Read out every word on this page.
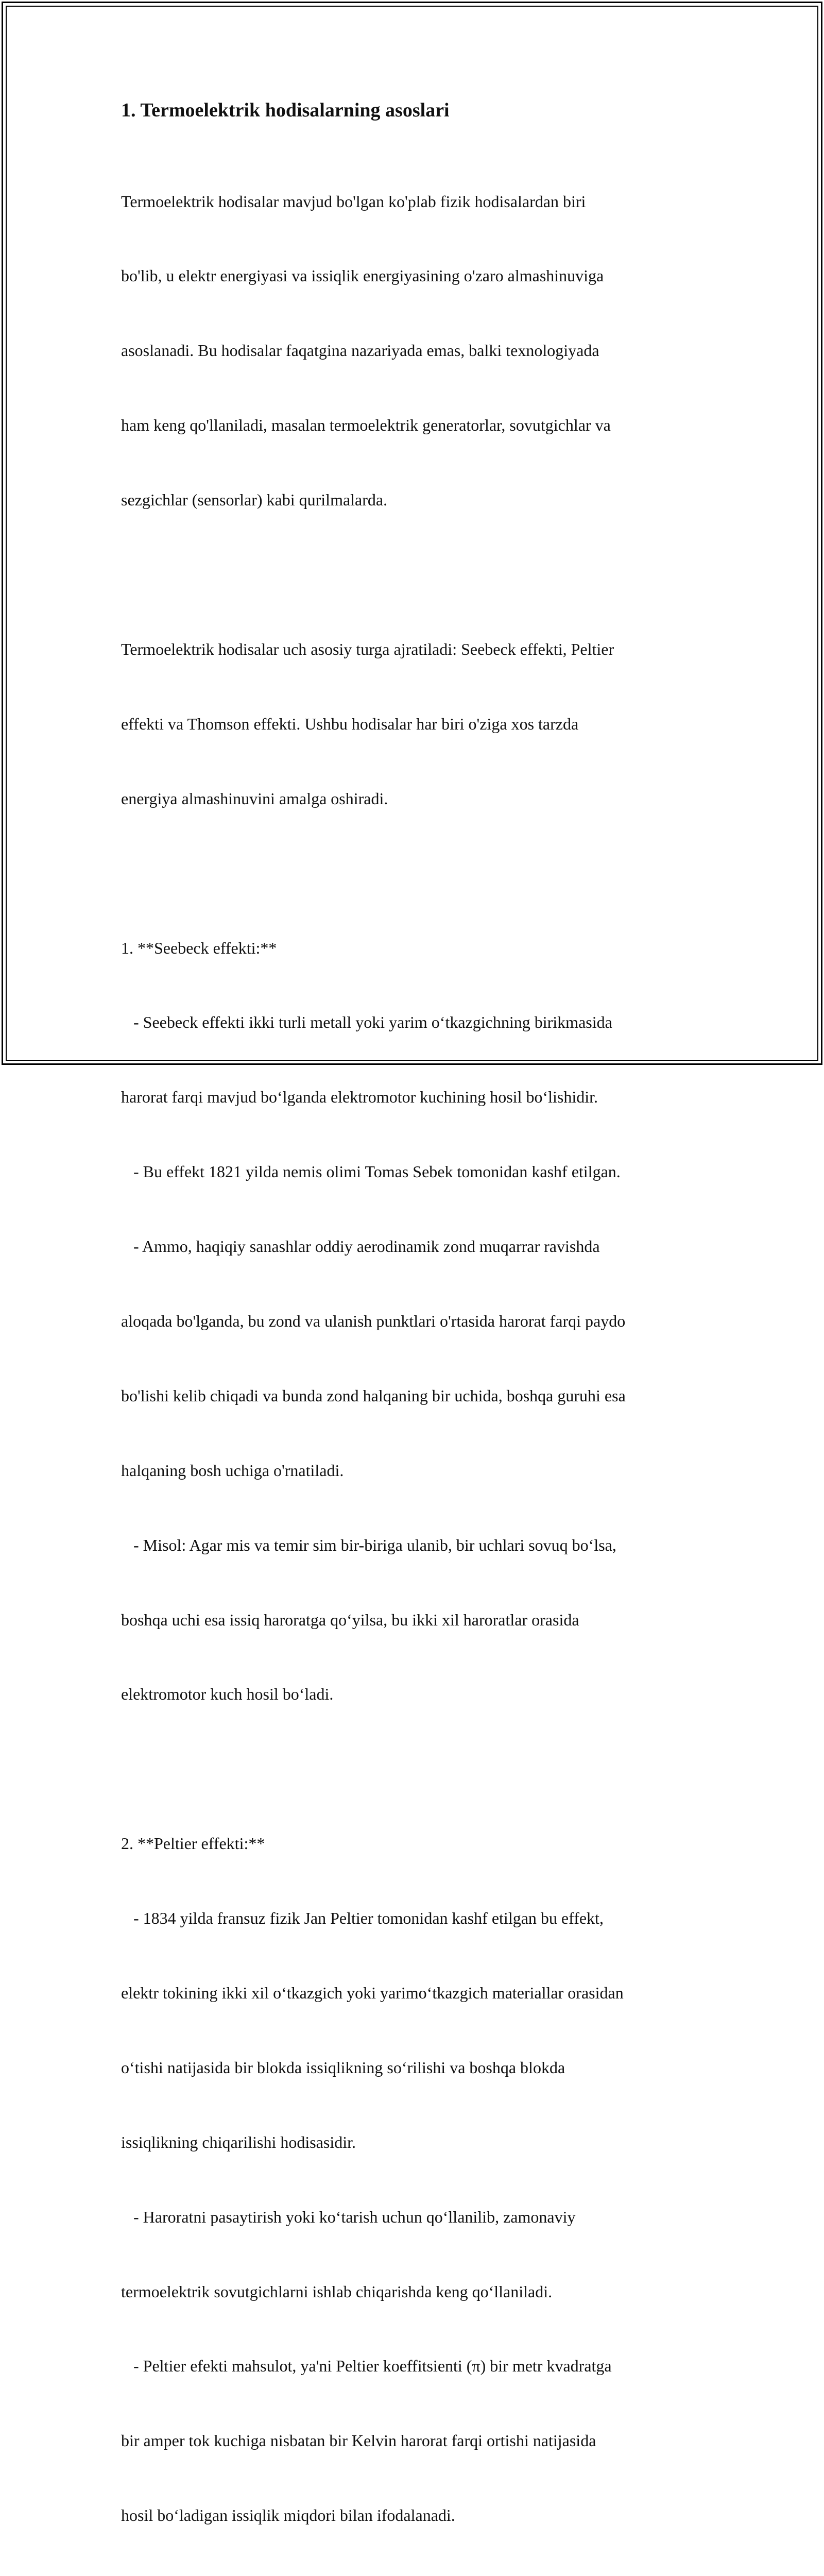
1. Termoelektrik hodisalarning asoslari

Termoelektrik hodisalar mavjud bo'lgan ko'plab fizik hodisalardan biri

bo'lib, u elektr energiyasi va issiqlik energiyasining o'zaro almashinuviga

asoslanadi. Bu hodisalar faqatgina nazariyada emas, balki texnologiyada

ham keng qo'llaniladi, masalan termoelektrik generatorlar, sovutgichlar va

sezgichlar (sensorlar) kabi qurilmalarda.

Termoelektrik hodisalar uch asosiy turga ajratiladi: Seebeck effekti, Peltier

effekti va Thomson effekti. Ushbu hodisalar har biri o'ziga xos tarzda

energiya almashinuvini amalga oshiradi.

1. **Seebeck effekti:**

- Seebeck effekti ikki turli metall yoki yarim o‘tkazgichning birikmasida

harorat farqi mavjud bo‘lganda elektromotor kuchining hosil bo‘lishidir.

- Bu effekt 1821 yilda nemis olimi Tomas Sebek tomonidan kashf etilgan.

- Ammo, haqiqiy sanashlar oddiy aerodinamik zond muqarrar ravishda

aloqada bo'lganda, bu zond va ulanish punktlari o'rtasida harorat farqi paydo

bo'lishi kelib chiqadi va bunda zond halqaning bir uchida, boshqa guruhi esa

halqaning bosh uchiga o'rnatiladi.

- Misol: Agar mis va temir sim bir-biriga ulanib, bir uchlari sovuq bo‘lsa,

boshqa uchi esa issiq haroratga qo‘yilsa, bu ikki xil haroratlar orasida

elektromotor kuch hosil bo‘ladi.

2. **Peltier effekti:**

- 1834 yilda fransuz fizik Jan Peltier tomonidan kashf etilgan bu effekt,

elektr tokining ikki xil o‘tkazgich yoki yarimo‘tkazgich materiallar orasidan

o‘tishi natijasida bir blokda issiqlikning so‘rilishi va boshqa blokda

issiqlikning chiqarilishi hodisasidir.

- Haroratni pasaytirish yoki ko‘tarish uchun qo‘llanilib, zamonaviy

termoelektrik sovutgichlarni ishlab chiqarishda keng qo‘llaniladi.

- Peltier efekti mahsulot, ya'ni Peltier koeffitsienti (π) bir metr kvadratga

bir amper tok kuchiga nisbatan bir Kelvin harorat farqi ortishi natijasida

hosil bo‘ladigan issiqlik miqdori bilan ifodalanadi.
